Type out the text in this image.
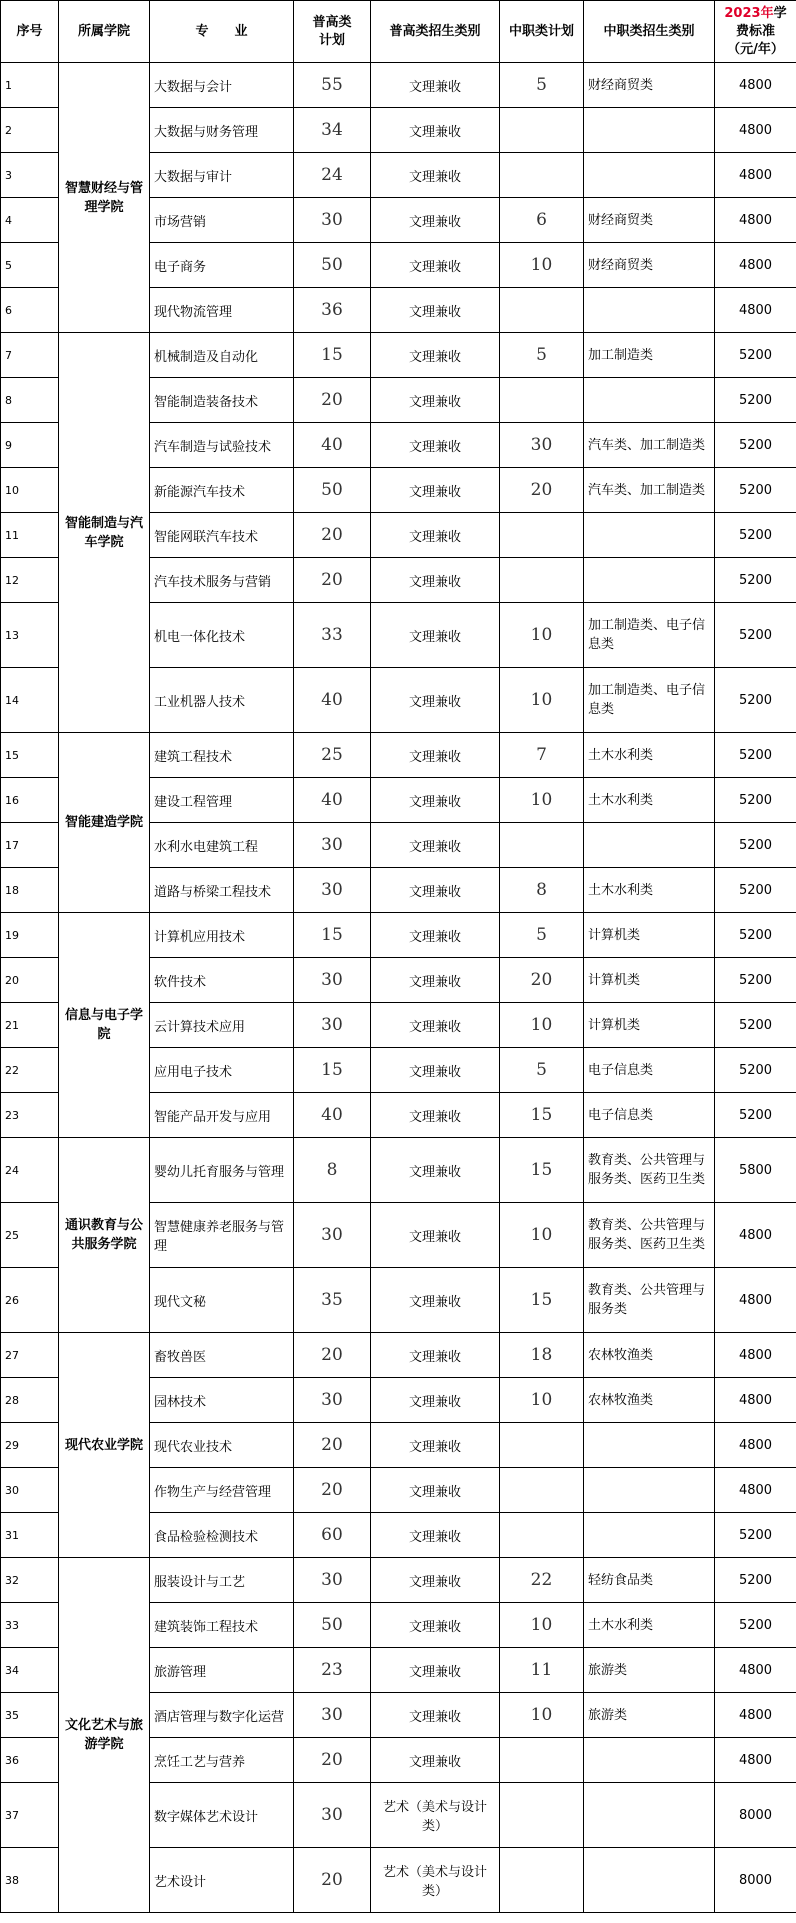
序号	所属学院	专　　业	普高类
计划	普高类招生类别	中职类计划	中职类招生类别	2023年学费标准
（元/年）
1	智慧财经与管理学院	大数据与会计	55	文理兼收	5	财经商贸类	4800
2		大数据与财务管理	34	文理兼收			4800
3		大数据与审计	24	文理兼收			4800
4		市场营销	30	文理兼收	6	财经商贸类	4800
5		电子商务	50	文理兼收	10	财经商贸类	4800
6		现代物流管理	36	文理兼收			4800
7	智能制造与汽车学院	机械制造及自动化	15	文理兼收	5	加工制造类	5200
8		智能制造装备技术	20	文理兼收			5200
9		汽车制造与试验技术	40	文理兼收	30	汽车类、加工制造类	5200
10		新能源汽车技术	50	文理兼收	20	汽车类、加工制造类	5200
11		智能网联汽车技术	20	文理兼收			5200
12		汽车技术服务与营销	20	文理兼收			5200
13		机电一体化技术	33	文理兼收	10	加工制造类、电子信息类	5200
14		工业机器人技术	40	文理兼收	10	加工制造类、电子信息类	5200
15	智能建造学院	建筑工程技术	25	文理兼收	7	土木水利类	5200
16		建设工程管理	40	文理兼收	10	土木水利类	5200
17		水利水电建筑工程	30	文理兼收			5200
18		道路与桥梁工程技术	30	文理兼收	8	土木水利类	5200
19	信息与电子学院	计算机应用技术	15	文理兼收	5	计算机类	5200
20		软件技术	30	文理兼收	20	计算机类	5200
21		云计算技术应用	30	文理兼收	10	计算机类	5200
22		应用电子技术	15	文理兼收	5	电子信息类	5200
23		智能产品开发与应用	40	文理兼收	15	电子信息类	5200
24	通识教育与公共服务学院	婴幼儿托育服务与管理	8	文理兼收	15	教育类、公共管理与服务类、医药卫生类	5800
25		智慧健康养老服务与管理	30	文理兼收	10	教育类、公共管理与服务类、医药卫生类	4800
26		现代文秘	35	文理兼收	15	教育类、公共管理与服务类	4800
27	现代农业学院	畜牧兽医	20	文理兼收	18	农林牧渔类	4800
28		园林技术	30	文理兼收	10	农林牧渔类	4800
29		现代农业技术	20	文理兼收			4800
30		作物生产与经营管理	20	文理兼收			4800
31		食品检验检测技术	60	文理兼收			5200
32	文化艺术与旅游学院	服装设计与工艺	30	文理兼收	22	轻纺食品类	5200
33		建筑装饰工程技术	50	文理兼收	10	土木水利类	5200
34		旅游管理	23	文理兼收	11	旅游类	4800
35		酒店管理与数字化运营	30	文理兼收	10	旅游类	4800
36		烹饪工艺与营养	20	文理兼收			4800
37		数字媒体艺术设计	30	艺术（美术与设计类）			8000
38		艺术设计	20	艺术（美术与设计类）			8000
